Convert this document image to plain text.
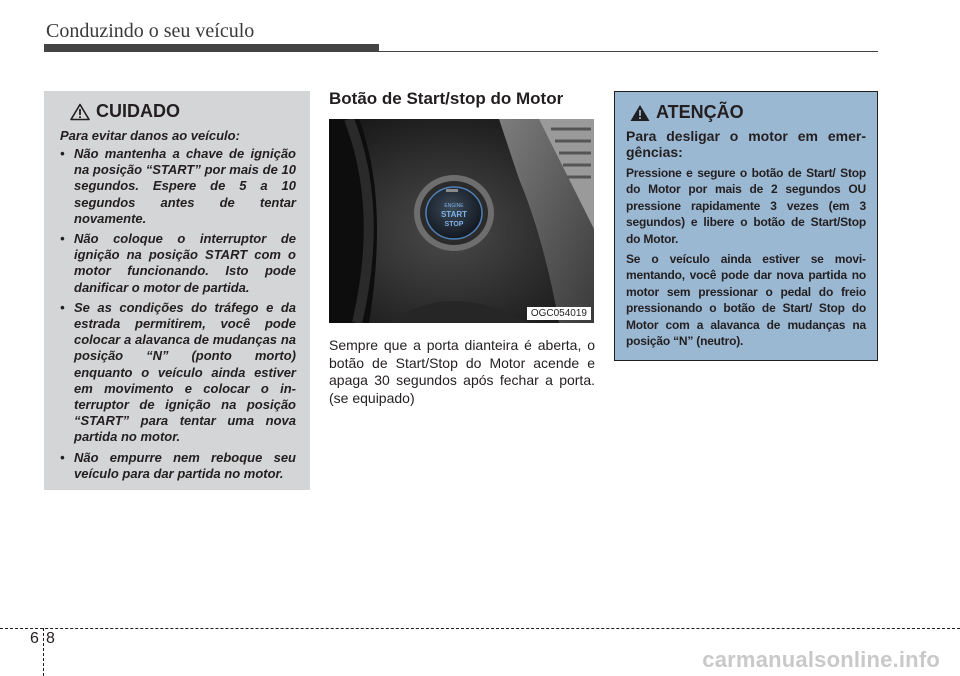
Conduzindo o seu veículo
CUIDADO
Para evitar danos ao veículo:
• Não mantenha a chave de ignição na posição “START” por mais de 10 segundos. Espere de 5 a 10 segundos antes de tentar novamente.
• Não coloque o interruptor de ignição na posição START com o motor funcionando. Isto pode danificar o motor de partida.
• Se as condições do tráfego e da estrada permitirem, você pode colocar a alavanca de mudanças na posição “N” (ponto morto) enquanto o veículo ainda estiver em movimento e colocar o interruptor de ignição na posição “START” para tentar uma nova partida no motor.
• Não empurre nem reboque seu veículo para dar partida no motor.
Botão de Start/stop do Motor
ENGINE
START
STOP
OGC054019
Sempre que a porta dianteira é aberta, o botão de Start/Stop do Motor acende e apaga 30 segundos após fechar a porta. (se equipado)
ATENÇÃO
Para desligar o motor em emergências:

Pressione e segure o botão de Start/ Stop do Motor por mais de 2 segundos OU pressione rapidamente 3 vezes (em 3 segundos) e libere o botão de Start/Stop do Motor.

Se o veículo ainda estiver se movimentando, você pode dar nova partida no motor sem pressionar o pedal do freio pressionando o botão de Start/ Stop do Motor com a alavanca de mudanças na posição “N” (neutro).

6 8
carmanualsonline.info
